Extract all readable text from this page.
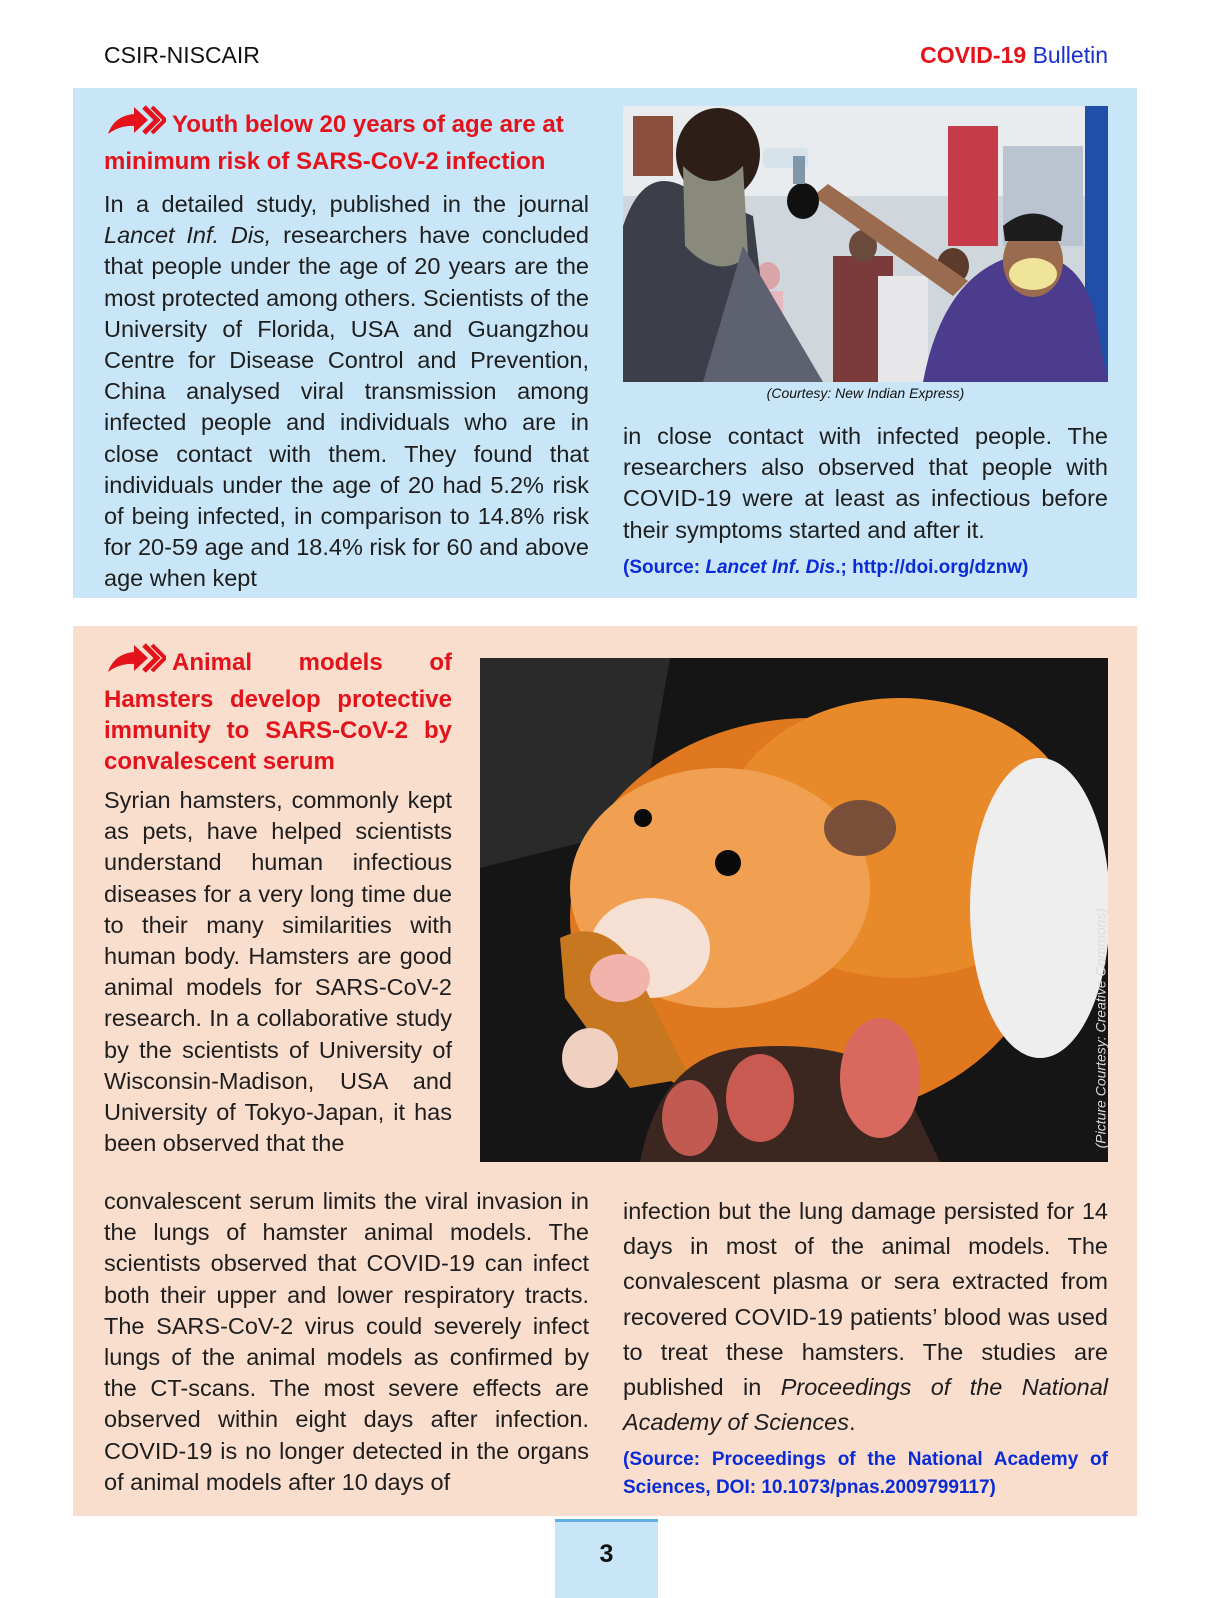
CSIR-NISCAIR	COVID-19 Bulletin
Youth below 20 years of age are at minimum risk of SARS-CoV-2 infection
In a detailed study, published in the journal Lancet Inf. Dis, researchers have concluded that people under the age of 20 years are the most protected among others. Scientists of the University of Florida, USA and Guangzhou Centre for Disease Control and Prevention, China analysed viral transmission among infected people and individuals who are in close contact with them. They found that individuals under the age of 20 had 5.2% risk of being infected, in comparison to 14.8% risk for 20-59 age and 18.4% risk for 60 and above age when kept
(Courtesy: New Indian Express)
in close contact with infected people. The researchers also observed that people with COVID-19 were at least as infectious before their symptoms started and after it.
(Source: Lancet Inf. Dis.; http://doi.org/dznw)
Animal models of Hamsters develop protective immunity to SARS-CoV-2 by convalescent serum
Syrian hamsters, commonly kept as pets, have helped scientists understand human infectious diseases for a very long time due to their many similarities with human body. Hamsters are good animal models for SARS-CoV-2 research. In a collaborative study by the scientists of University of Wisconsin-Madison, USA and University of Tokyo-Japan, it has been observed that the	(Picture Courtesy: Creative Commons)
convalescent serum limits the viral invasion in the lungs of hamster animal models. The scientists observed that COVID-19 can infect both their upper and lower respiratory tracts. The SARS-CoV-2 virus could severely infect lungs of the animal models as confirmed by the CT-scans. The most severe effects are observed within eight days after infection. COVID-19 is no longer detected in the organs of animal models after 10 days of
infection but the lung damage persisted for 14 days in most of the animal models. The convalescent plasma or sera extracted from recovered COVID-19 patients’ blood was used to treat these hamsters. The studies are published in Proceedings of the National Academy of Sciences.
(Source: Proceedings of the National Academy of Sciences, DOI: 10.1073/pnas.2009799117)
3
